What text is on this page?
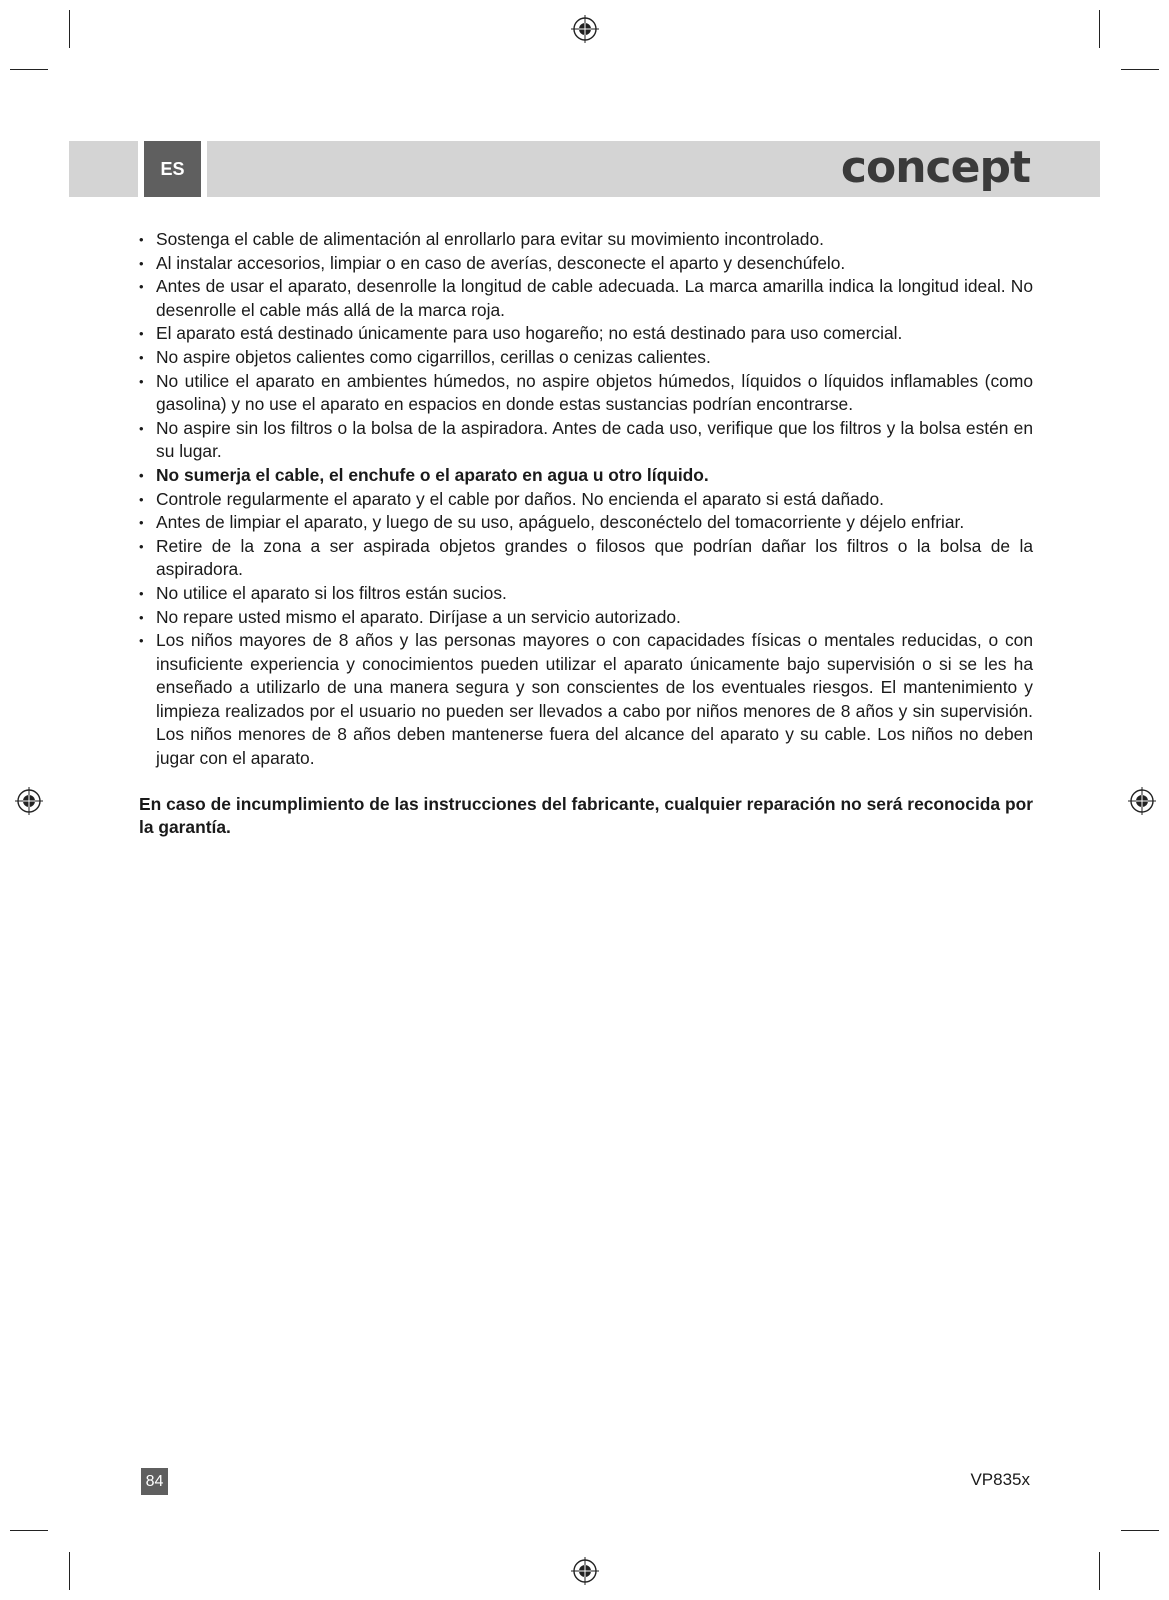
ES	concept
• Sostenga el cable de alimentación al enrollarlo para evitar su movimiento incontrolado.
• Al instalar accesorios, limpiar o en caso de averías, desconecte el aparto y desenchúfelo.
• Antes de usar el aparato, desenrolle la longitud de cable adecuada. La marca amarilla indica la longitud ideal. No desenrolle el cable más allá de la marca roja.
• El aparato está destinado únicamente para uso hogareño; no está destinado para uso comercial.
• No aspire objetos calientes como cigarrillos, cerillas o cenizas calientes.
• No utilice el aparato en ambientes húmedos, no aspire objetos húmedos, líquidos o líquidos inflamables (como gasolina) y no use el aparato en espacios en donde estas sustancias podrían encontrarse.
• No aspire sin los filtros o la bolsa de la aspiradora. Antes de cada uso, verifique que los filtros y la bolsa estén en su lugar.
• No sumerja el cable, el enchufe o el aparato en agua u otro líquido.
• Controle regularmente el aparato y el cable por daños. No encienda el aparato si está dañado.
• Antes de limpiar el aparato, y luego de su uso, apáguelo, desconéctelo del tomacorriente y déjelo enfriar.
• Retire de la zona a ser aspirada objetos grandes o filosos que podrían dañar los filtros o la bolsa de la aspiradora.
• No utilice el aparato si los filtros están sucios.
• No repare usted mismo el aparato. Diríjase a un servicio autorizado.
• Los niños mayores de 8 años y las personas mayores o con capacidades físicas o mentales reducidas, o con insuficiente experiencia y conocimientos pueden utilizar el aparato únicamente bajo supervisión o si se les ha enseñado a utilizarlo de una manera segura y son conscientes de los eventuales riesgos. El mantenimiento y limpieza realizados por el usuario no pueden ser llevados a cabo por niños menores de 8 años y sin supervisión. Los niños menores de 8 años deben mantenerse fuera del alcance del aparato y su cable. Los niños no deben jugar con el aparato.

En caso de incumplimiento de las instrucciones del fabricante, cualquier reparación no será reconocida por la garantía.

84	VP835x
